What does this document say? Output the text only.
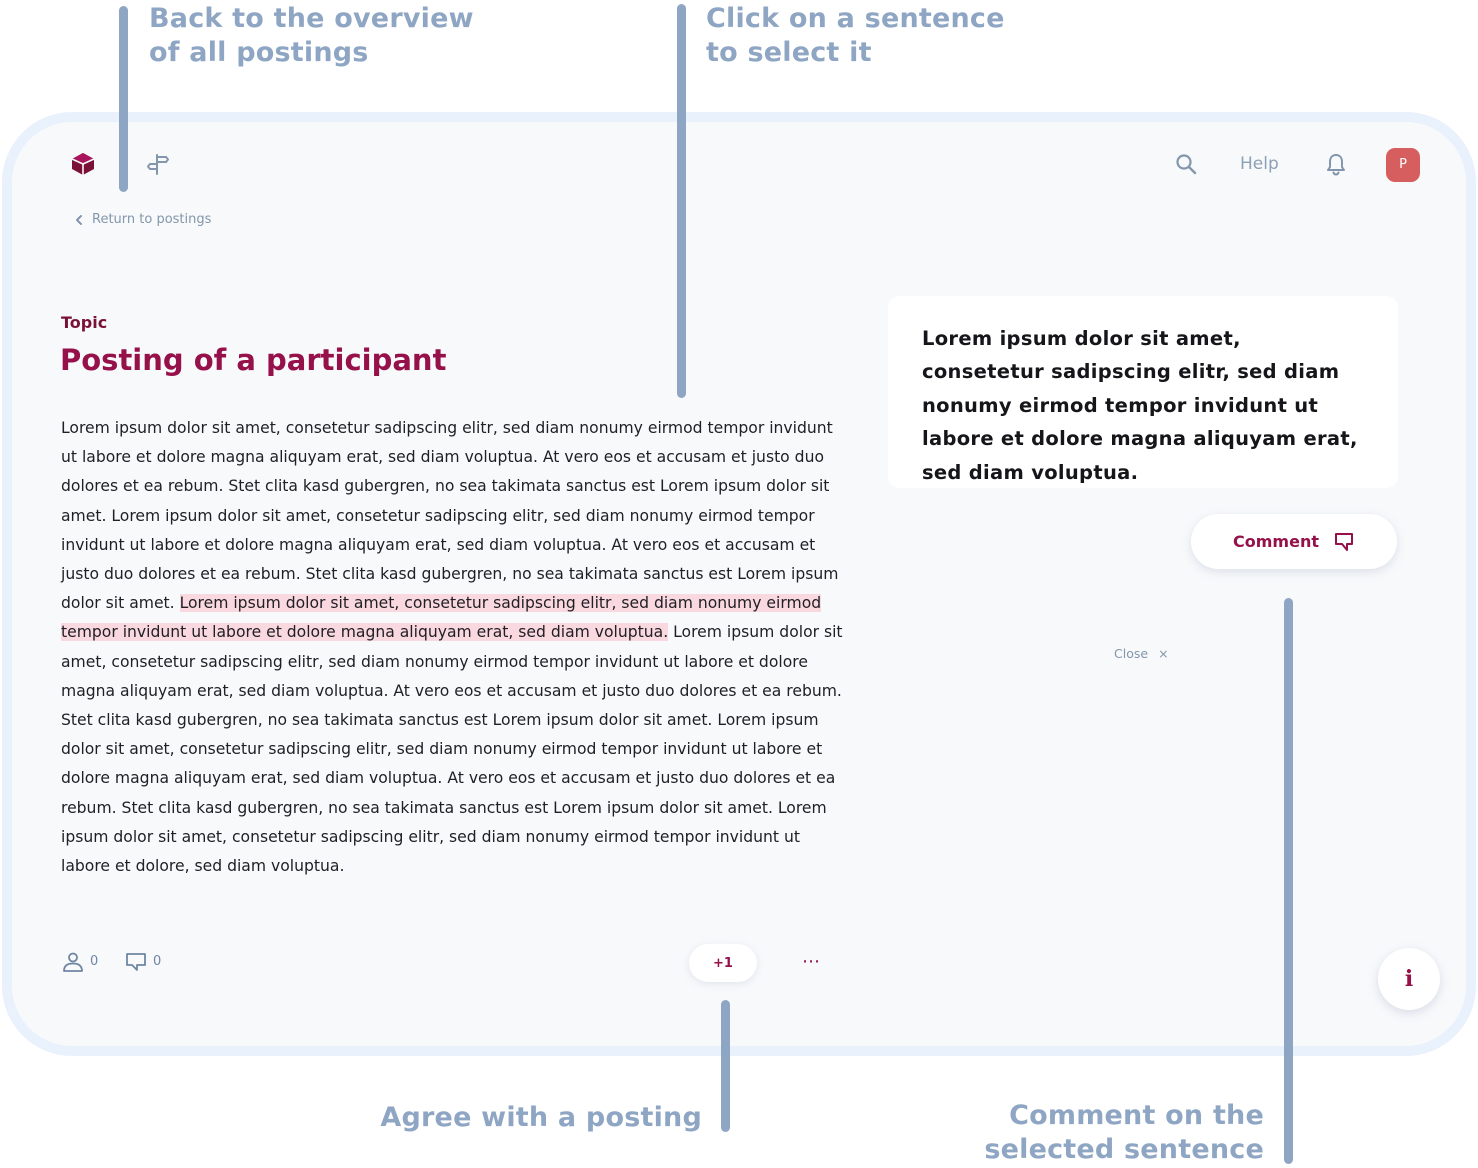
Back to the overview
of all postings
Click on a sentence
to select it
Agree with a posting	Comment on the
selected sentence
Help	P
Return to postings
Topic
Posting of a participant
Lorem ipsum dolor sit amet, consetetur sadipscing elitr, sed diam nonumy eirmod tempor invidunt ut labore et dolore magna aliquyam erat, sed diam voluptua. At vero eos et accusam et justo duo dolores et ea rebum. Stet clita kasd gubergren, no sea takimata sanctus est Lorem ipsum dolor sit amet. Lorem ipsum dolor sit amet, consetetur sadipscing elitr, sed diam nonumy eirmod tempor invidunt ut labore et dolore magna aliquyam erat, sed diam voluptua. At vero eos et accusam et justo duo dolores et ea rebum. Stet clita kasd gubergren, no sea takimata sanctus est Lorem ipsum dolor sit amet. Lorem ipsum dolor sit amet, consetetur sadipscing elitr, sed diam nonumy eirmod tempor invidunt ut labore et dolore magna aliquyam erat, sed diam voluptua. Lorem ipsum dolor sit amet, consetetur sadipscing elitr, sed diam nonumy eirmod tempor invidunt ut labore et dolore magna aliquyam erat, sed diam voluptua. At vero eos et accusam et justo duo dolores et ea rebum. Stet clita kasd gubergren, no sea takimata sanctus est Lorem ipsum dolor sit amet. Lorem ipsum dolor sit amet, consetetur sadipscing elitr, sed diam nonumy eirmod tempor invidunt ut labore et dolore magna aliquyam erat, sed diam voluptua. At vero eos et accusam et justo duo dolores et ea rebum. Stet clita kasd gubergren, no sea takimata sanctus est Lorem ipsum dolor sit amet. Lorem ipsum dolor sit amet, consetetur sadipscing elitr, sed diam nonumy eirmod tempor invidunt ut labore et dolore, sed diam voluptua.
0	0	+1	⋯

Lorem ipsum dolor sit amet, consetetur sadipscing elitr, sed diam nonumy eirmod tempor invidunt ut labore et dolore magna aliquyam erat, sed diam voluptua.

Comment
Close ×
i
